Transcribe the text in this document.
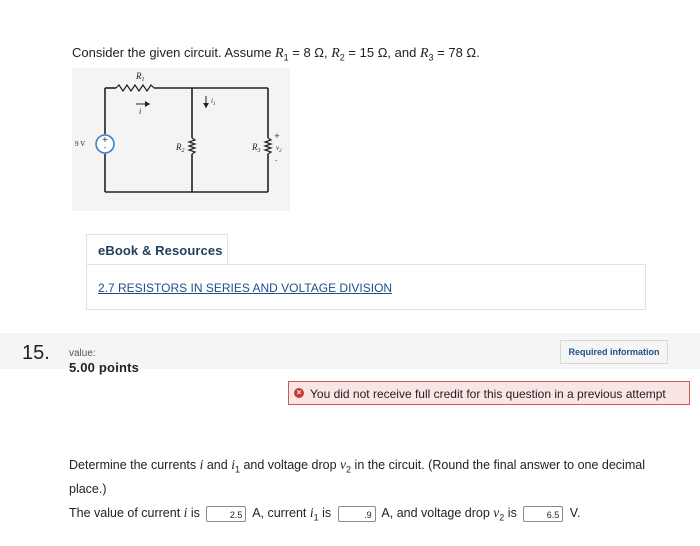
Consider the given circuit. Assume $R_1 = 8$ Ω, $R_2 = 15$ Ω, and $R_3 = 78$ Ω.
+
-
$R_1$
$R_2$	$R_3$
9 V
i
$i_1$
+
$v_2$
-
eBook & Resources
2.7 RESISTORS IN SERIES AND VOLTAGE DIVISION
15. value:
5.00 points
Required information
× You did not receive full credit for this question in a previous attempt
Determine the currents i and $i_1$ and voltage drop $v_2$ in the circuit. (Round the final answer to one decimal place.)
The value of current i is	2.5 A, current $i_1$ is	.9 A, and voltage drop $v_2$ is	6.5 V.
